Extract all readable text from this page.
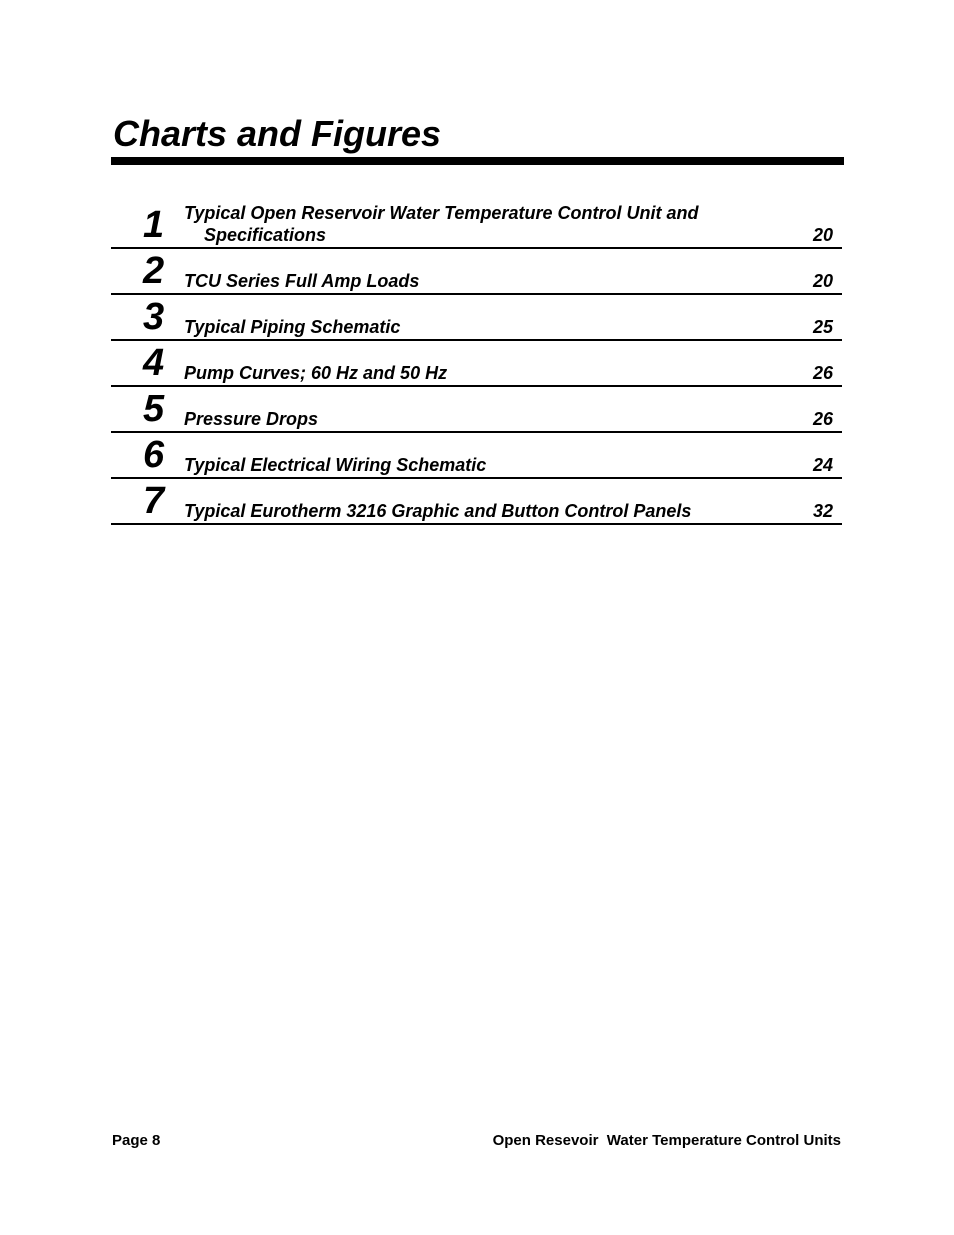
Charts and Figures
1 Typical Open Reservoir Water Temperature Control Unit and
Specifications	20
2 TCU Series Full Amp Loads	20
3 Typical Piping Schematic	25
4 Pump Curves; 60 Hz and 50 Hz	26
5 Pressure Drops	26
6 Typical Electrical Wiring Schematic	24
7 Typical Eurotherm 3216 Graphic and Button Control Panels	32
Page 8	Open Resevoir  Water Temperature Control Units
